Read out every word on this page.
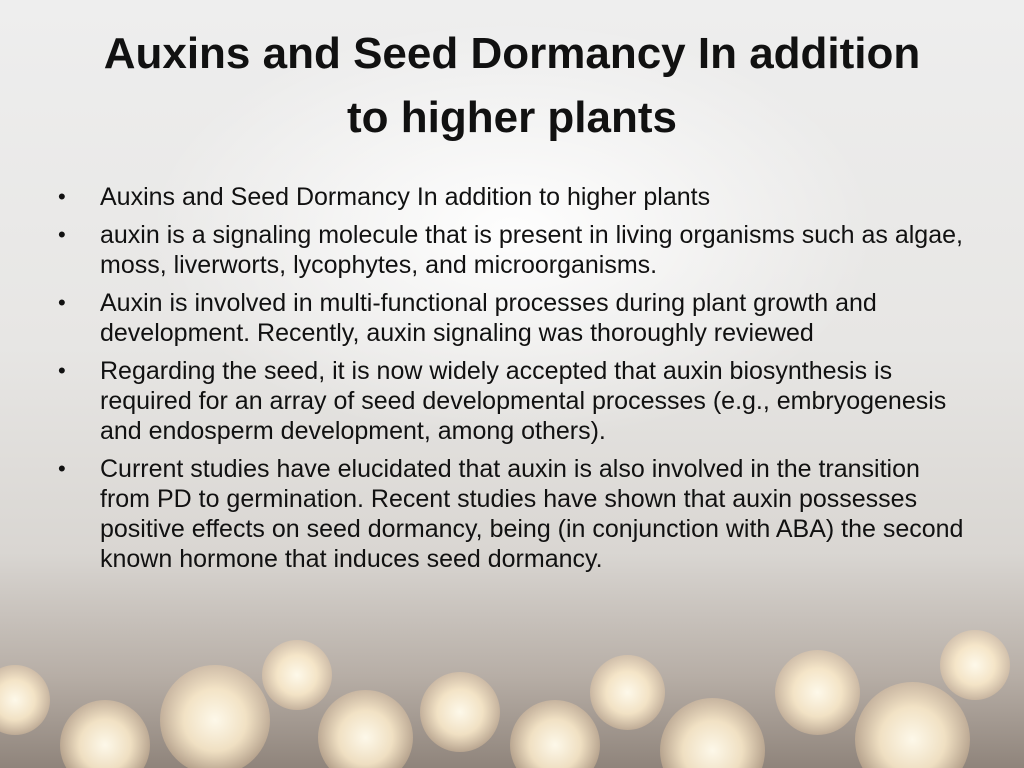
Auxins and Seed Dormancy In addition to higher plants
•	Auxins and Seed Dormancy In addition to higher plants
•	auxin is a signaling molecule that is present in living organisms such as algae, moss, liverworts, lycophytes, and microorganisms.
•	Auxin is involved in multi-functional processes during plant growth and development. Recently, auxin signaling was thoroughly reviewed
•	Regarding the seed, it is now widely accepted that auxin biosynthesis is required for an array of seed developmental processes (e.g., embryogenesis and endosperm development, among others).
•	Current studies have elucidated that auxin is also involved in the transition from PD to germination. Recent studies have shown that auxin possesses positive effects on seed dormancy, being (in conjunction with ABA) the second known hormone that induces seed dormancy.
